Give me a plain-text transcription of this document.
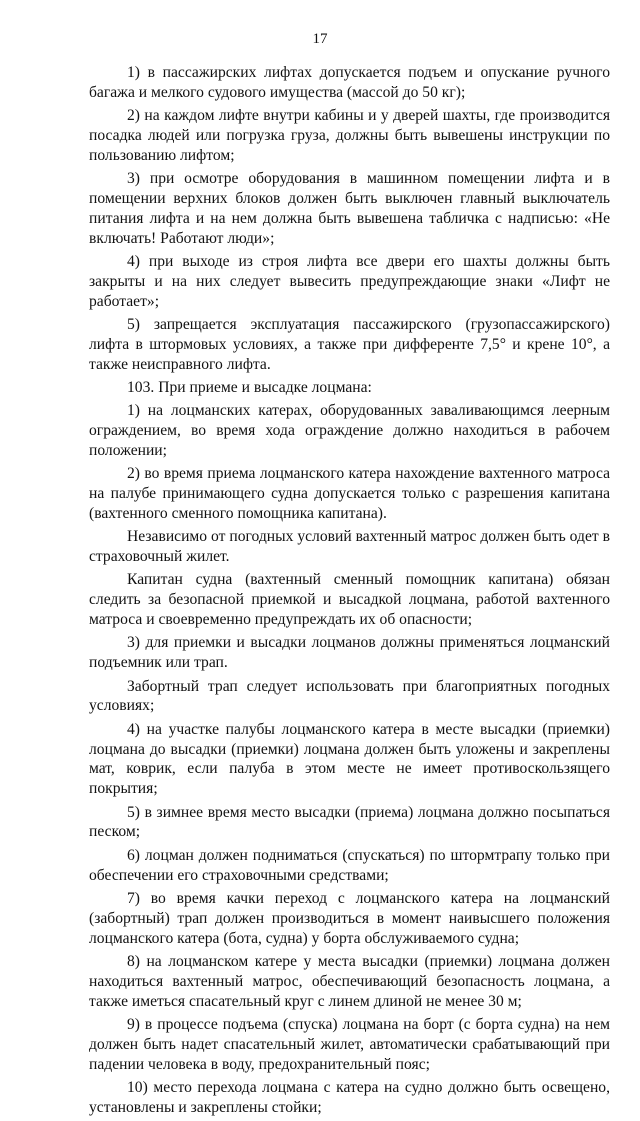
17

1) в пассажирских лифтах допускается подъем и опускание ручного багажа и мелкого судового имущества (массой до 50 кг);

2) на каждом лифте внутри кабины и у дверей шахты, где производится посадка людей или погрузка груза, должны быть вывешены инструкции по пользованию лифтом;

3) при осмотре оборудования в машинном помещении лифта и в помещении верхних блоков должен быть выключен главный выключатель питания лифта и на нем должна быть вывешена табличка с надписью: «Не включать! Работают люди»;

4) при выходе из строя лифта все двери его шахты должны быть закрыты и на них следует вывесить предупреждающие знаки «Лифт не работает»;

5) запрещается эксплуатация пассажирского (грузопассажирского) лифта в штормовых условиях, а также при дифференте 7,5° и крене 10°, а также неисправного лифта.

103. При приеме и высадке лоцмана:

1) на лоцманских катерах, оборудованных заваливающимся леерным ограждением, во время хода ограждение должно находиться в рабочем положении;

2) во время приема лоцманского катера нахождение вахтенного матроса на палубе принимающего судна допускается только с разрешения капитана (вахтенного сменного помощника капитана).

Независимо от погодных условий вахтенный матрос должен быть одет в страховочный жилет.

Капитан судна (вахтенный сменный помощник капитана) обязан следить за безопасной приемкой и высадкой лоцмана, работой вахтенного матроса и своевременно предупреждать их об опасности;

3) для приемки и высадки лоцманов должны применяться лоцманский подъемник или трап.

Забортный трап следует использовать при благоприятных погодных условиях;

4) на участке палубы лоцманского катера в месте высадки (приемки) лоцмана до высадки (приемки) лоцмана должен быть уложены и закреплены мат, коврик, если палуба в этом месте не имеет противоскользящего покрытия;

5) в зимнее время место высадки (приема) лоцмана должно посыпаться песком;

6) лоцман должен подниматься (спускаться) по штормтрапу только при обеспечении его страховочными средствами;

7) во время качки переход с лоцманского катера на лоцманский (забортный) трап должен производиться в момент наивысшего положения лоцманского катера (бота, судна) у борта обслуживаемого судна;

8) на лоцманском катере у места высадки (приемки) лоцмана должен находиться вахтенный матрос, обеспечивающий безопасность лоцмана, а также иметься спасательный круг с линем длиной не менее 30 м;

9) в процессе подъема (спуска) лоцмана на борт (с борта судна) на нем должен быть надет спасательный жилет, автоматически срабатывающий при падении человека в воду, предохранительный пояс;

10) место перехода лоцмана с катера на судно должно быть освещено, установлены и закреплены стойки;
